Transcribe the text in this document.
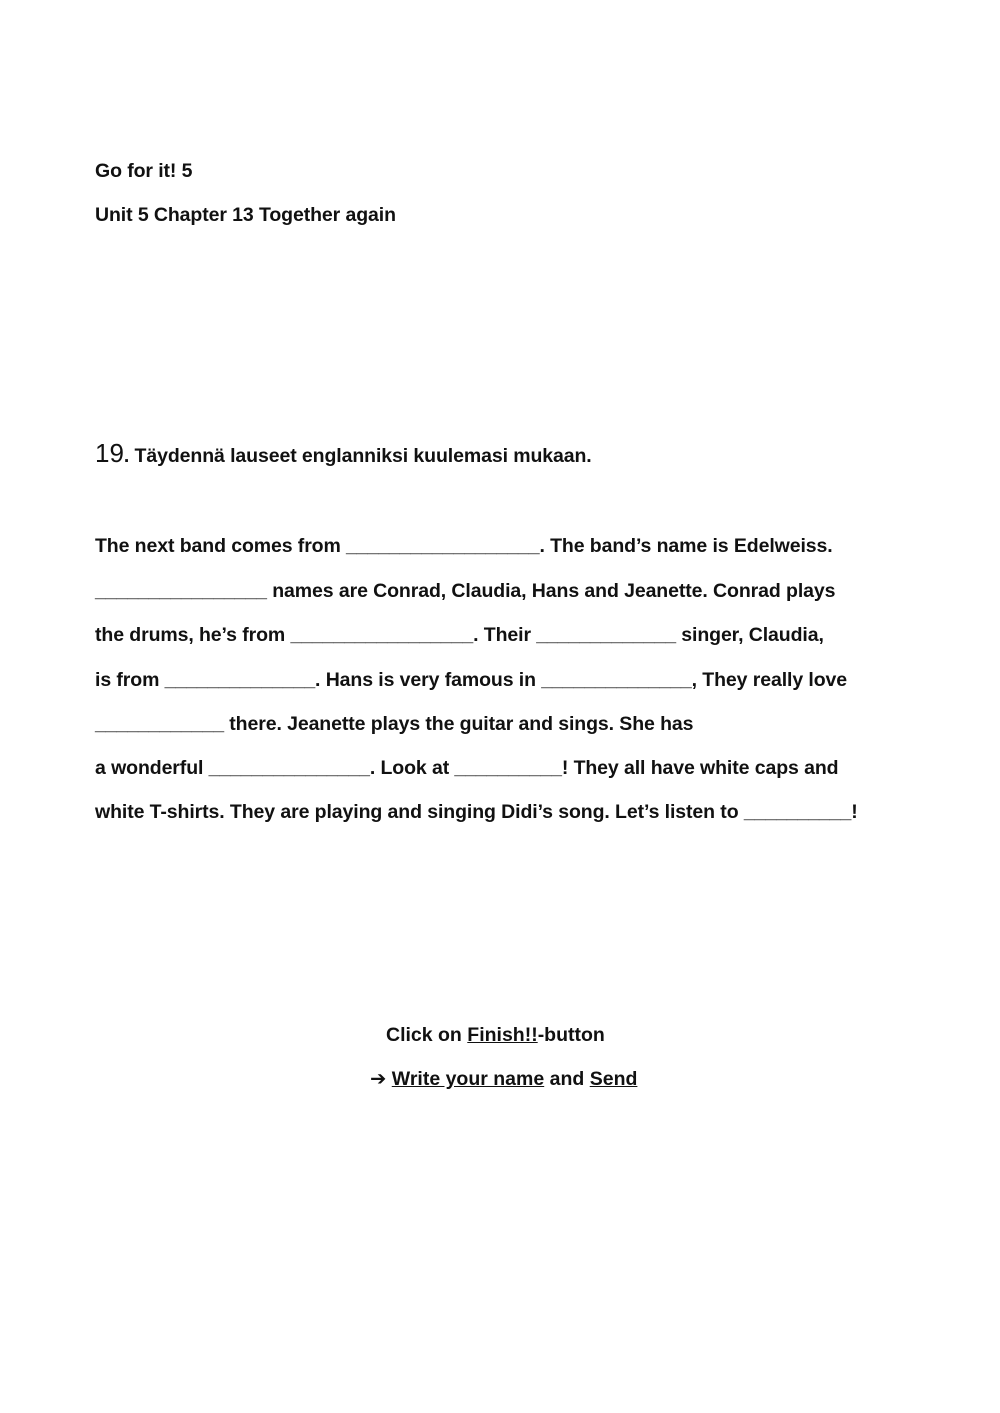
Go for it! 5
Unit 5 Chapter 13 Together again
19. Täydennä lauseet englanniksi kuulemasi mukaan.
The next band comes from __________________. The band’s name is Edelweiss.
________________ names are Conrad, Claudia, Hans and Jeanette. Conrad plays
the drums, he’s from _________________. Their _____________ singer, Claudia,
is from ______________. Hans is very famous in ______________, They really love
____________ there. Jeanette plays the guitar and sings. She has
a wonderful _______________. Look at __________! They all have white caps and
white T-shirts. They are playing and singing Didi’s song. Let’s listen to __________!
Click on Finish!!-button
➔ Write your name and Send
